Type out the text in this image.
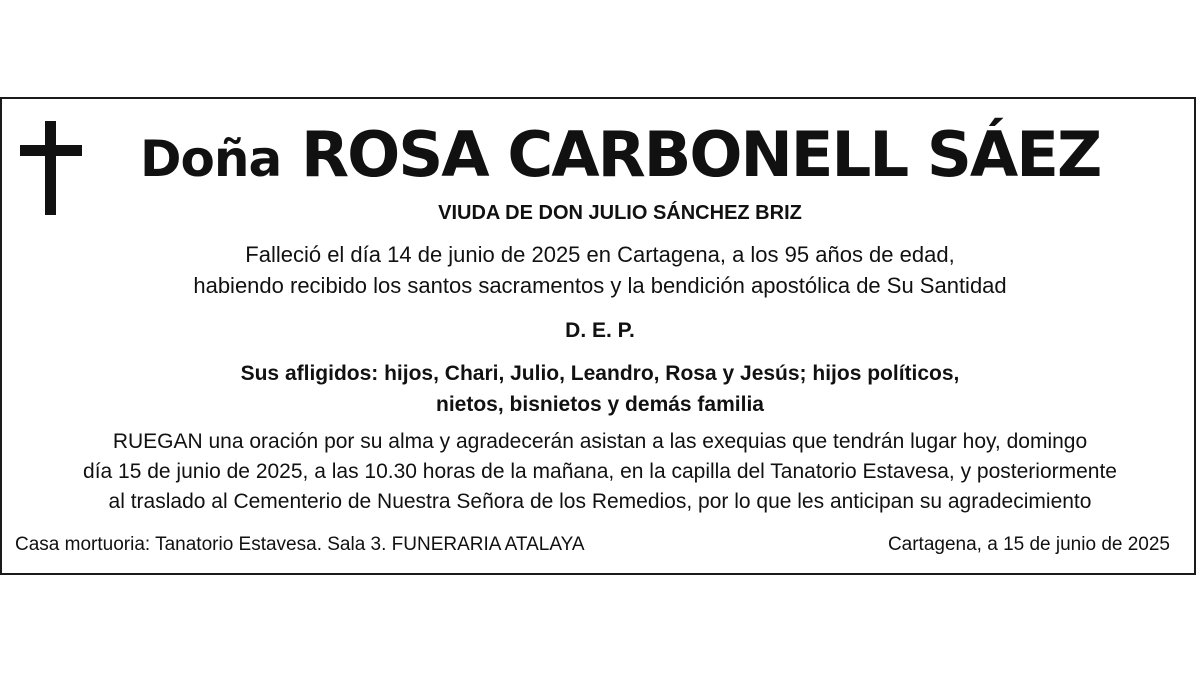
Doña ROSA CARBONELL SÁEZ
VIUDA DE DON JULIO SÁNCHEZ BRIZ
Falleció el día 14 de junio de 2025 en Cartagena, a los 95 años de edad,
habiendo recibido los santos sacramentos y la bendición apostólica de Su Santidad
D. E. P.
Sus afligidos: hijos, Chari, Julio, Leandro, Rosa y Jesús; hijos políticos,
nietos, bisnietos y demás familia
RUEGAN una oración por su alma y agradecerán asistan a las exequias que tendrán lugar hoy, domingo
día 15 de junio de 2025, a las 10.30 horas de la mañana, en la capilla del Tanatorio Estavesa, y posteriormente
al traslado al Cementerio de Nuestra Señora de los Remedios, por lo que les anticipan su agradecimiento
Casa mortuoria: Tanatorio Estavesa. Sala 3. FUNERARIA ATALAYA	Cartagena, a 15 de junio de 2025
